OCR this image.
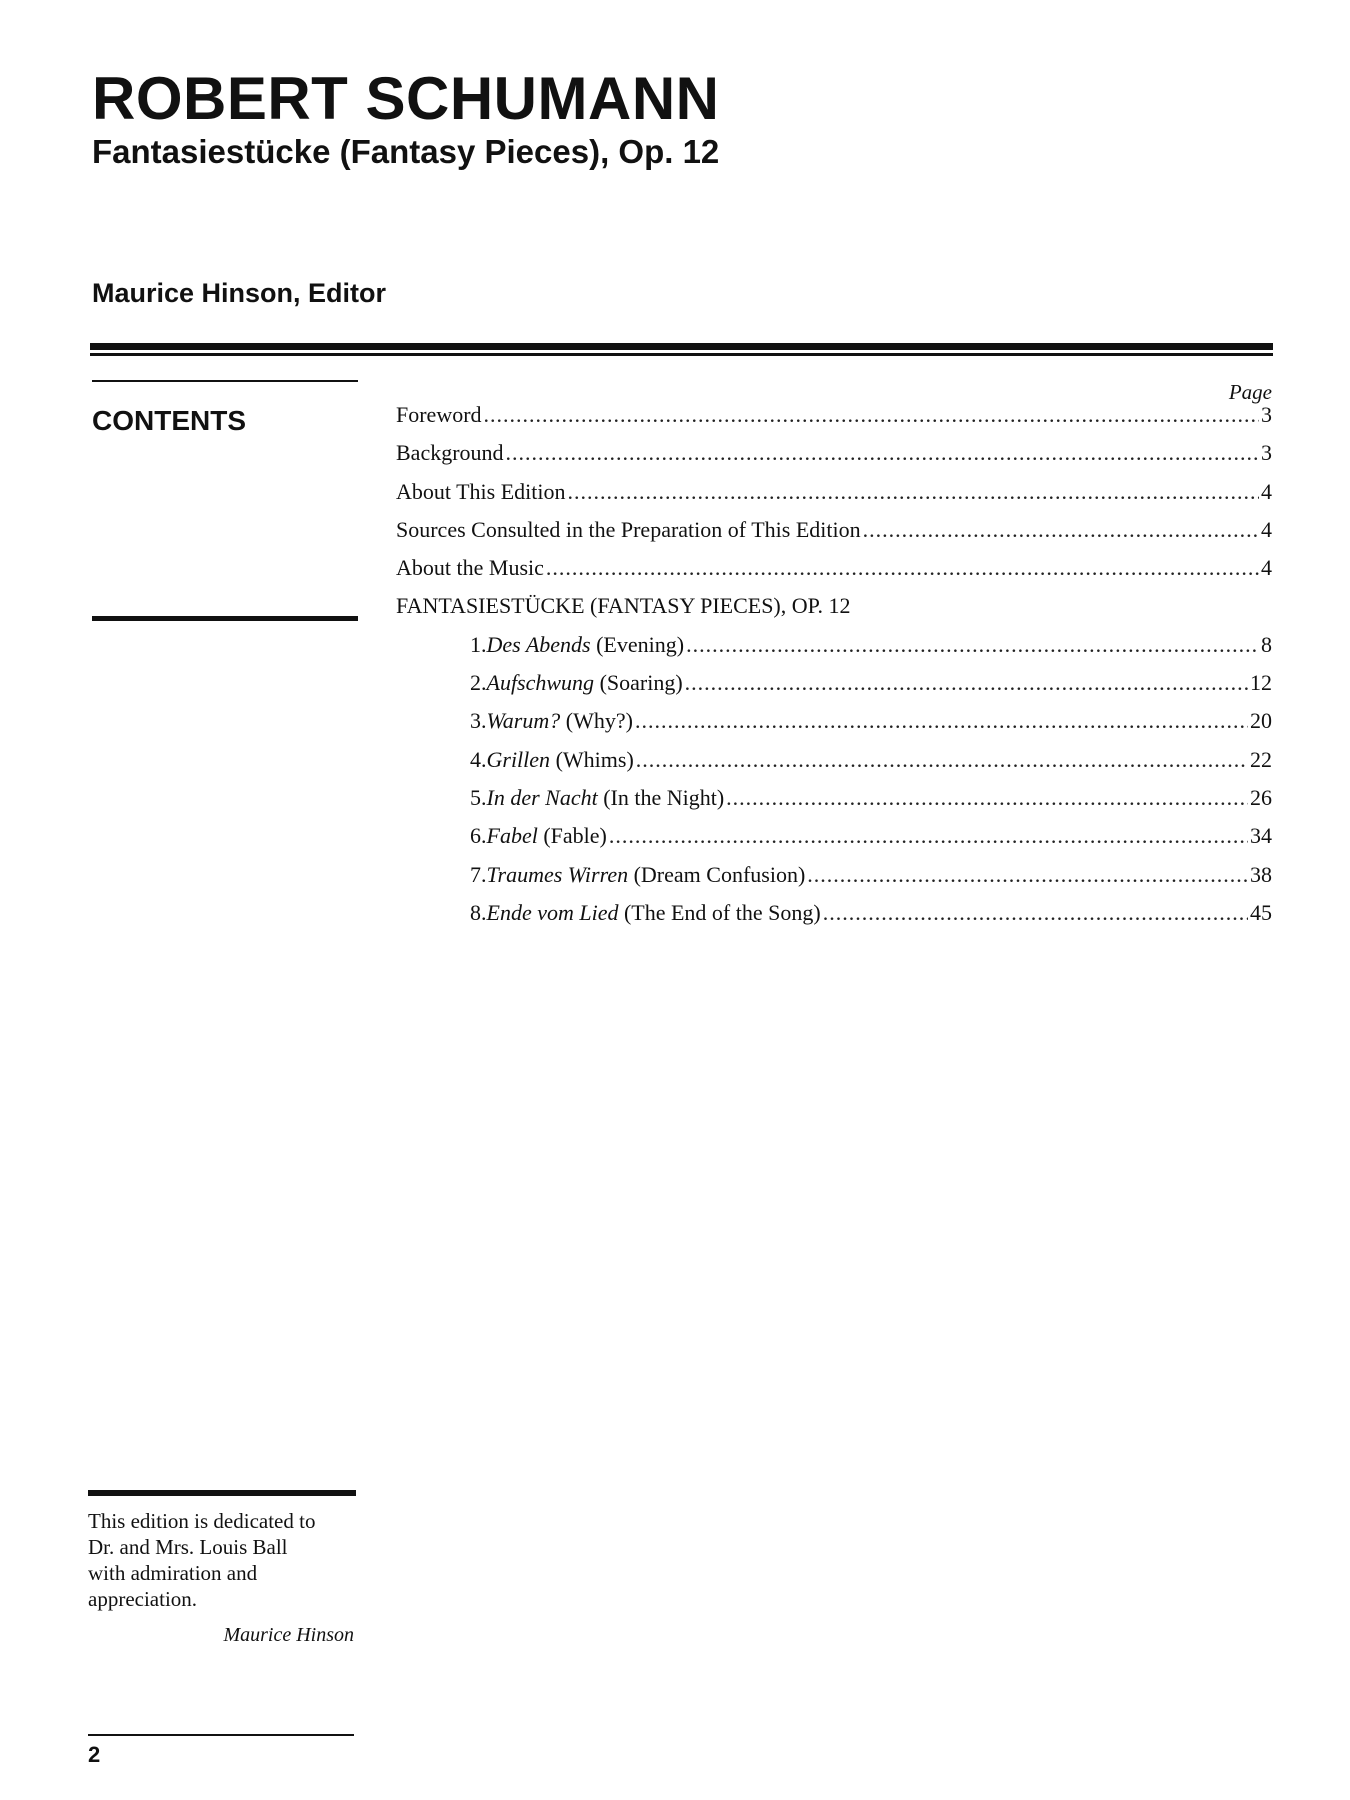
ROBERT SCHUMANN
Fantasiestücke (Fantasy Pieces), Op. 12
Maurice Hinson, Editor
CONTENTS
Page
Foreword .....	3
Background .....	3
About This Edition .....	4
Sources Consulted in the Preparation of This Edition .....	4
About the Music .....	4
FANTASIESTÜCKE (FANTASY PIECES), OP. 12
1. Des Abends (Evening) .....	8
2. Aufschwung (Soaring) .....	12
3. Warum? (Why?) .....	20
4. Grillen (Whims) .....	22
5. In der Nacht (In the Night) .....	26
6. Fabel (Fable) .....	34
7. Traumes Wirren (Dream Confusion) .....	38
8. Ende vom Lied (The End of the Song) .....	45

This edition is dedicated to
Dr. and Mrs. Louis Ball
with admiration and
appreciation.

Maurice Hinson

2
